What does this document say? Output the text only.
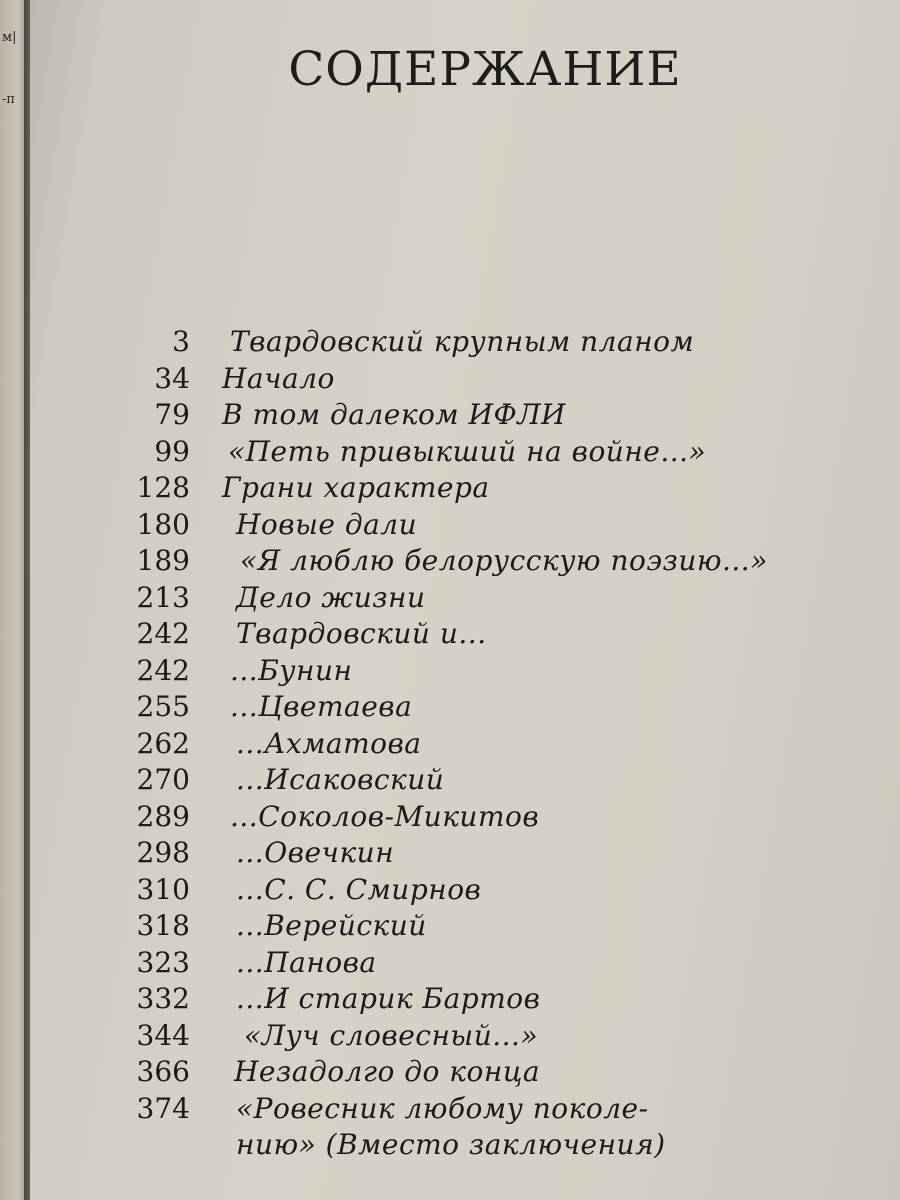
м|
-п
СОДЕРЖАНИЕ
3 Твардовский крупным планом
34 Начало
79 В том далеком ИФЛИ
99 «Петь привыкший на войне...»
128 Грани характера
180 Новые дали
189 «Я люблю белорусскую поэзию...»
213 Дело жизни
242 Твардовский и...
242 ...Бунин
255 ...Цветаева
262 ...Ахматова
270 ...Исаковский
289 ...Соколов-Микитов
298 ...Овечкин
310 ...С. С. Смирнов
318 ...Верейский
323 ...Панова
332 ...И старик Бартов
344 «Луч словесный...»
366 Незадолго до конца
374 «Ровесник любому поколе-
нию» (Вместо заключения)
